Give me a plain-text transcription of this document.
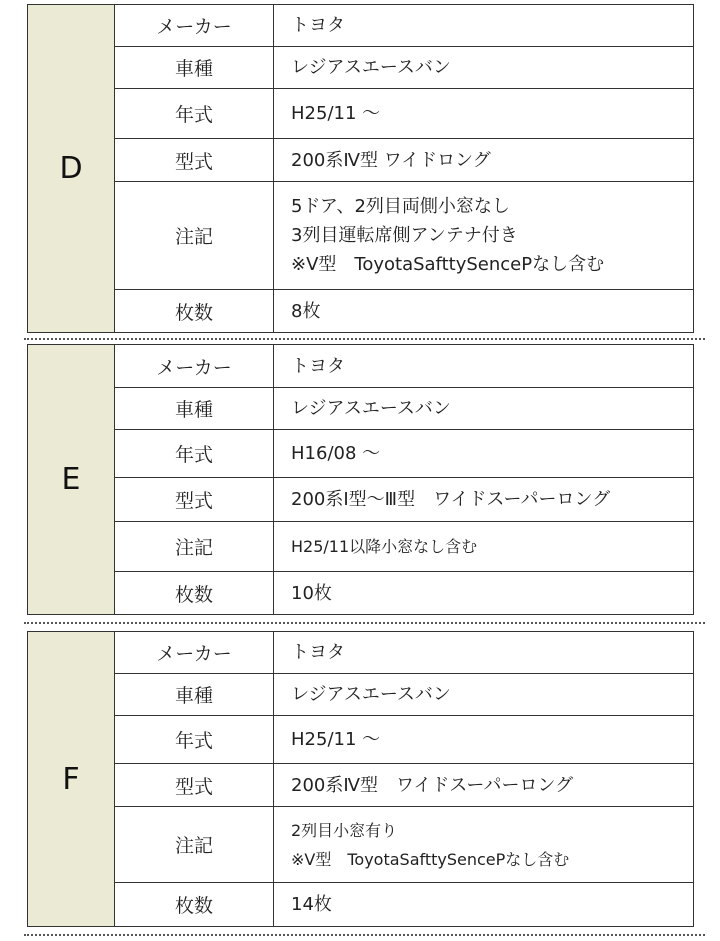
D
メーカー	トヨタ
車種	レジアスエースバン
年式	H25/11 ～
型式	200系Ⅳ型 ワイドロング
注記
5ドア、2列目両側小窓なし
3列目運転席側アンテナ付き
※Ⅴ型　ToyotaSafttySencePなし含む
枚数	8枚
E
メーカー	トヨタ
車種	レジアスエースバン
年式	H16/08 ～
型式	200系Ⅰ型～Ⅲ型　ワイドスーパーロング
注記	H25/11以降小窓なし含む
枚数	10枚
F
メーカー	トヨタ
車種	レジアスエースバン
年式	H25/11 ～
型式	200系Ⅳ型　ワイドスーパーロング
注記
2列目小窓有り
※Ⅴ型　ToyotaSafttySencePなし含む
枚数	14枚
